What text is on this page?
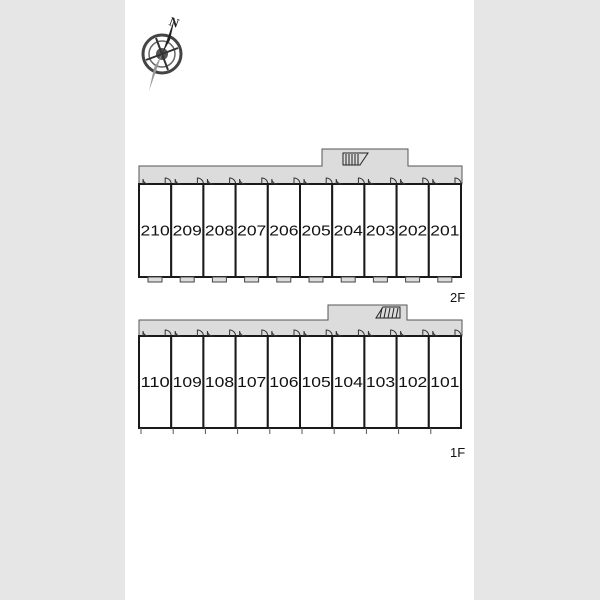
N
210 209 208 207 206 205 204 203 202 201
110 109 108 107 106 105 104 103 102 101
2F
1F
